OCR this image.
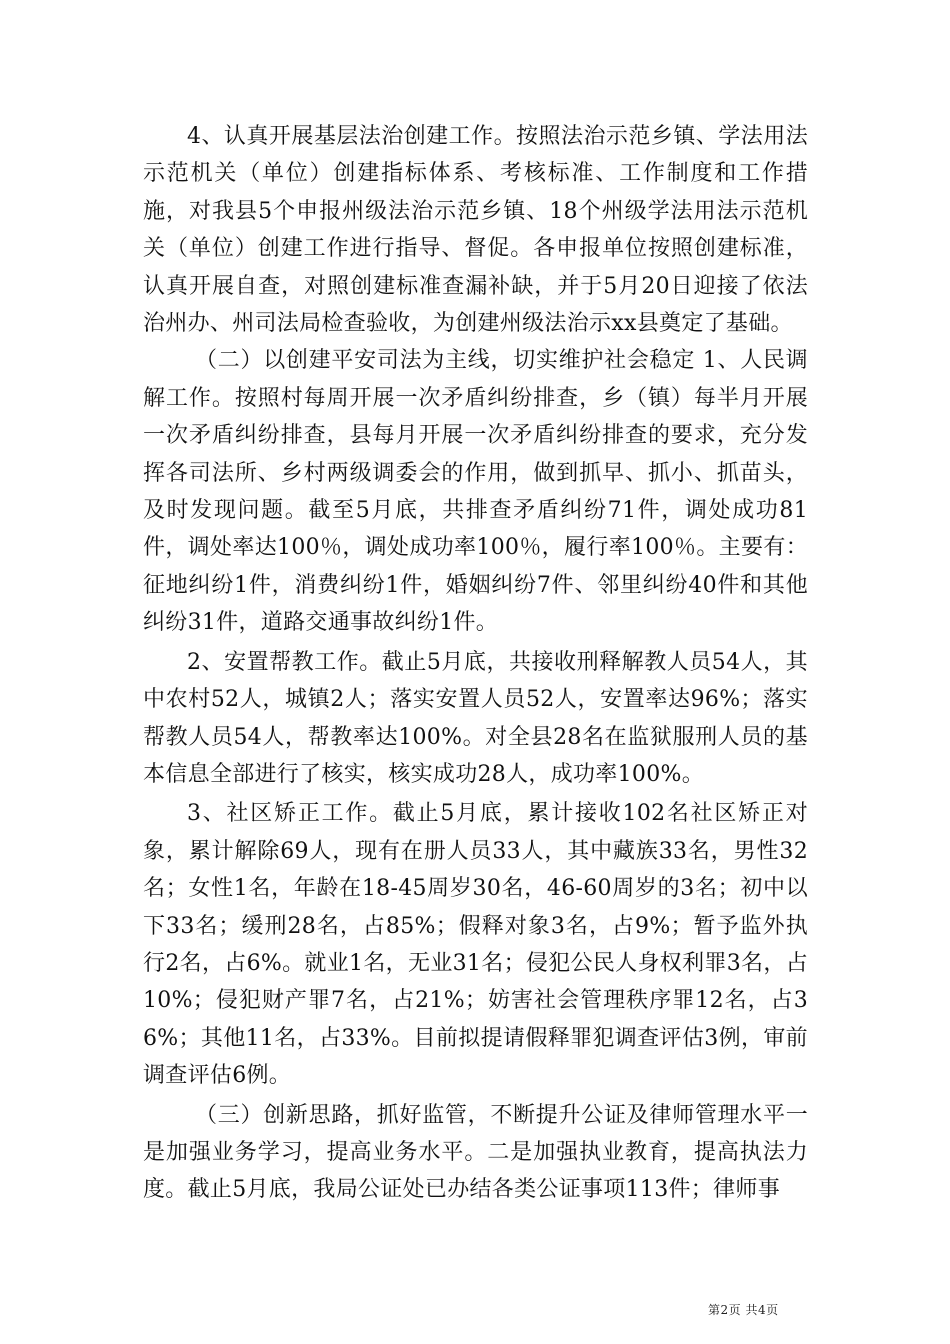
4、认真开展基层法治创建工作。按照法治示范乡镇、学法用法示范机关（单位）创建指标体系、考核标准、工作制度和工作措施，对我县5个申报州级法治示范乡镇、18个州级学法用法示范机关（单位）创建工作进行指导、督促。各申报单位按照创建标准，认真开展自查，对照创建标准查漏补缺，并于5月20日迎接了依法治州办、州司法局检查验收，为创建州级法治示xx县奠定了基础。

（二）以创建平安司法为主线，切实维护社会稳定 1、人民调解工作。按照村每周开展一次矛盾纠纷排查，乡（镇）每半月开展一次矛盾纠纷排查，县每月开展一次矛盾纠纷排查的要求，充分发挥各司法所、乡村两级调委会的作用，做到抓早、抓小、抓苗头，及时发现问题。截至5月底，共排查矛盾纠纷71件，调处成功81件，调处率达100％，调处成功率100％，履行率100％。主要有：征地纠纷1件，消费纠纷1件，婚姻纠纷7件、邻里纠纷40件和其他纠纷31件，道路交通事故纠纷1件。

2、安置帮教工作。截止5月底，共接收刑释解教人员54人，其中农村52人，城镇2人；落实安置人员52人，安置率达96%；落实帮教人员54人，帮教率达100%。对全县28名在监狱服刑人员的基本信息全部进行了核实，核实成功28人，成功率100%。

3、社区矫正工作。截止5月底，累计接收102名社区矫正对象，累计解除69人，现有在册人员33人，其中藏族33名，男性32名；女性1名，年龄在18-45周岁30名，46-60周岁的3名；初中以下33名；缓刑28名，占85%；假释对象3名，占9%；暂予监外执行2名，占6%。就业1名，无业31名；侵犯公民人身权利罪3名，占10%；侵犯财产罪7名，占21%；妨害社会管理秩序罪12名，占36%；其他11名，占33%。目前拟提请假释罪犯调查评估3例，审前调查评估6例。

（三）创新思路，抓好监管，不断提升公证及律师管理水平一是加强业务学习，提高业务水平。二是加强执业教育，提高执法力度。截止5月底，我局公证处已办结各类公证事项113件；律师事

第2页 共4页
